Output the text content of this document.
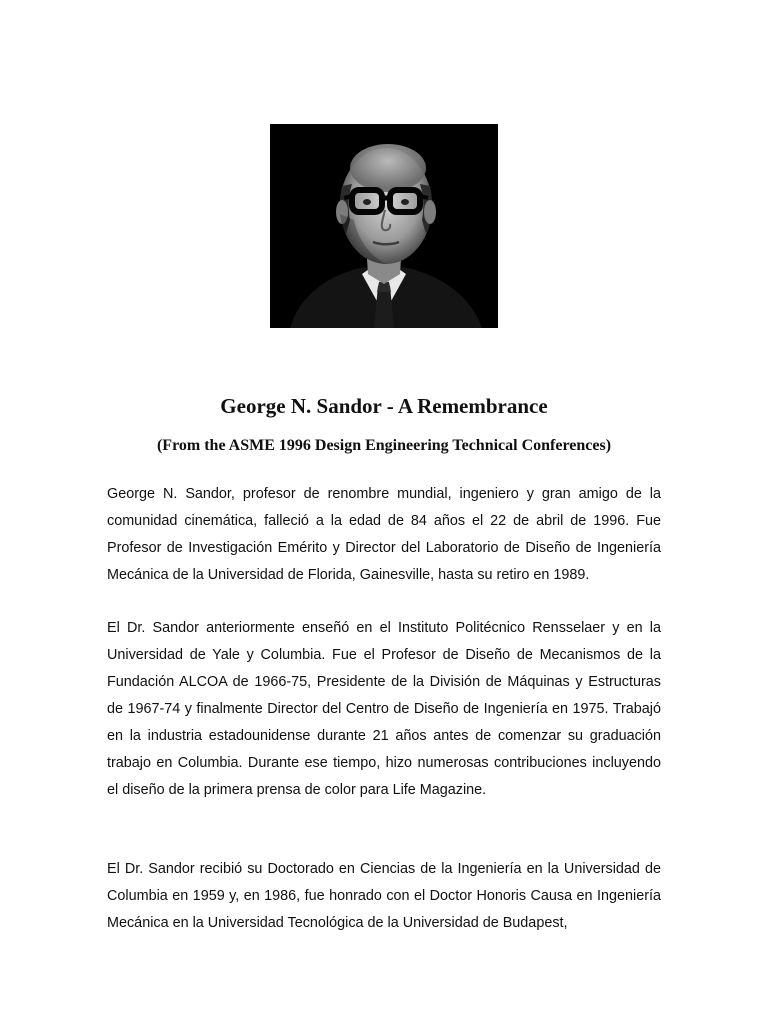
George N. Sandor - A Remembrance
(From the ASME 1996 Design Engineering Technical Conferences)

George N. Sandor, profesor de renombre mundial, ingeniero y gran amigo de la comunidad cinemática, falleció a la edad de 84 años el 22 de abril de 1996. Fue Profesor de Investigación Emérito y Director del Laboratorio de Diseño de Ingeniería Mecánica de la Universidad de Florida, Gainesville, hasta su retiro en 1989.

El Dr. Sandor anteriormente enseñó en el Instituto Politécnico Rensselaer y en la Universidad de Yale y Columbia. Fue el Profesor de Diseño de Mecanismos de la Fundación ALCOA de 1966-75, Presidente de la División de Máquinas y Estructuras de 1967-74 y finalmente Director del Centro de Diseño de Ingeniería en 1975. Trabajó en la industria estadounidense durante 21 años antes de comenzar su graduación trabajo en Columbia. Durante ese tiempo, hizo numerosas contribuciones incluyendo el diseño de la primera prensa de color para Life Magazine.

El Dr. Sandor recibió su Doctorado en Ciencias de la Ingeniería en la Universidad de Columbia en 1959 y, en 1986, fue honrado con el Doctor Honoris Causa en Ingeniería Mecánica en la Universidad Tecnológica de la Universidad de Budapest,
